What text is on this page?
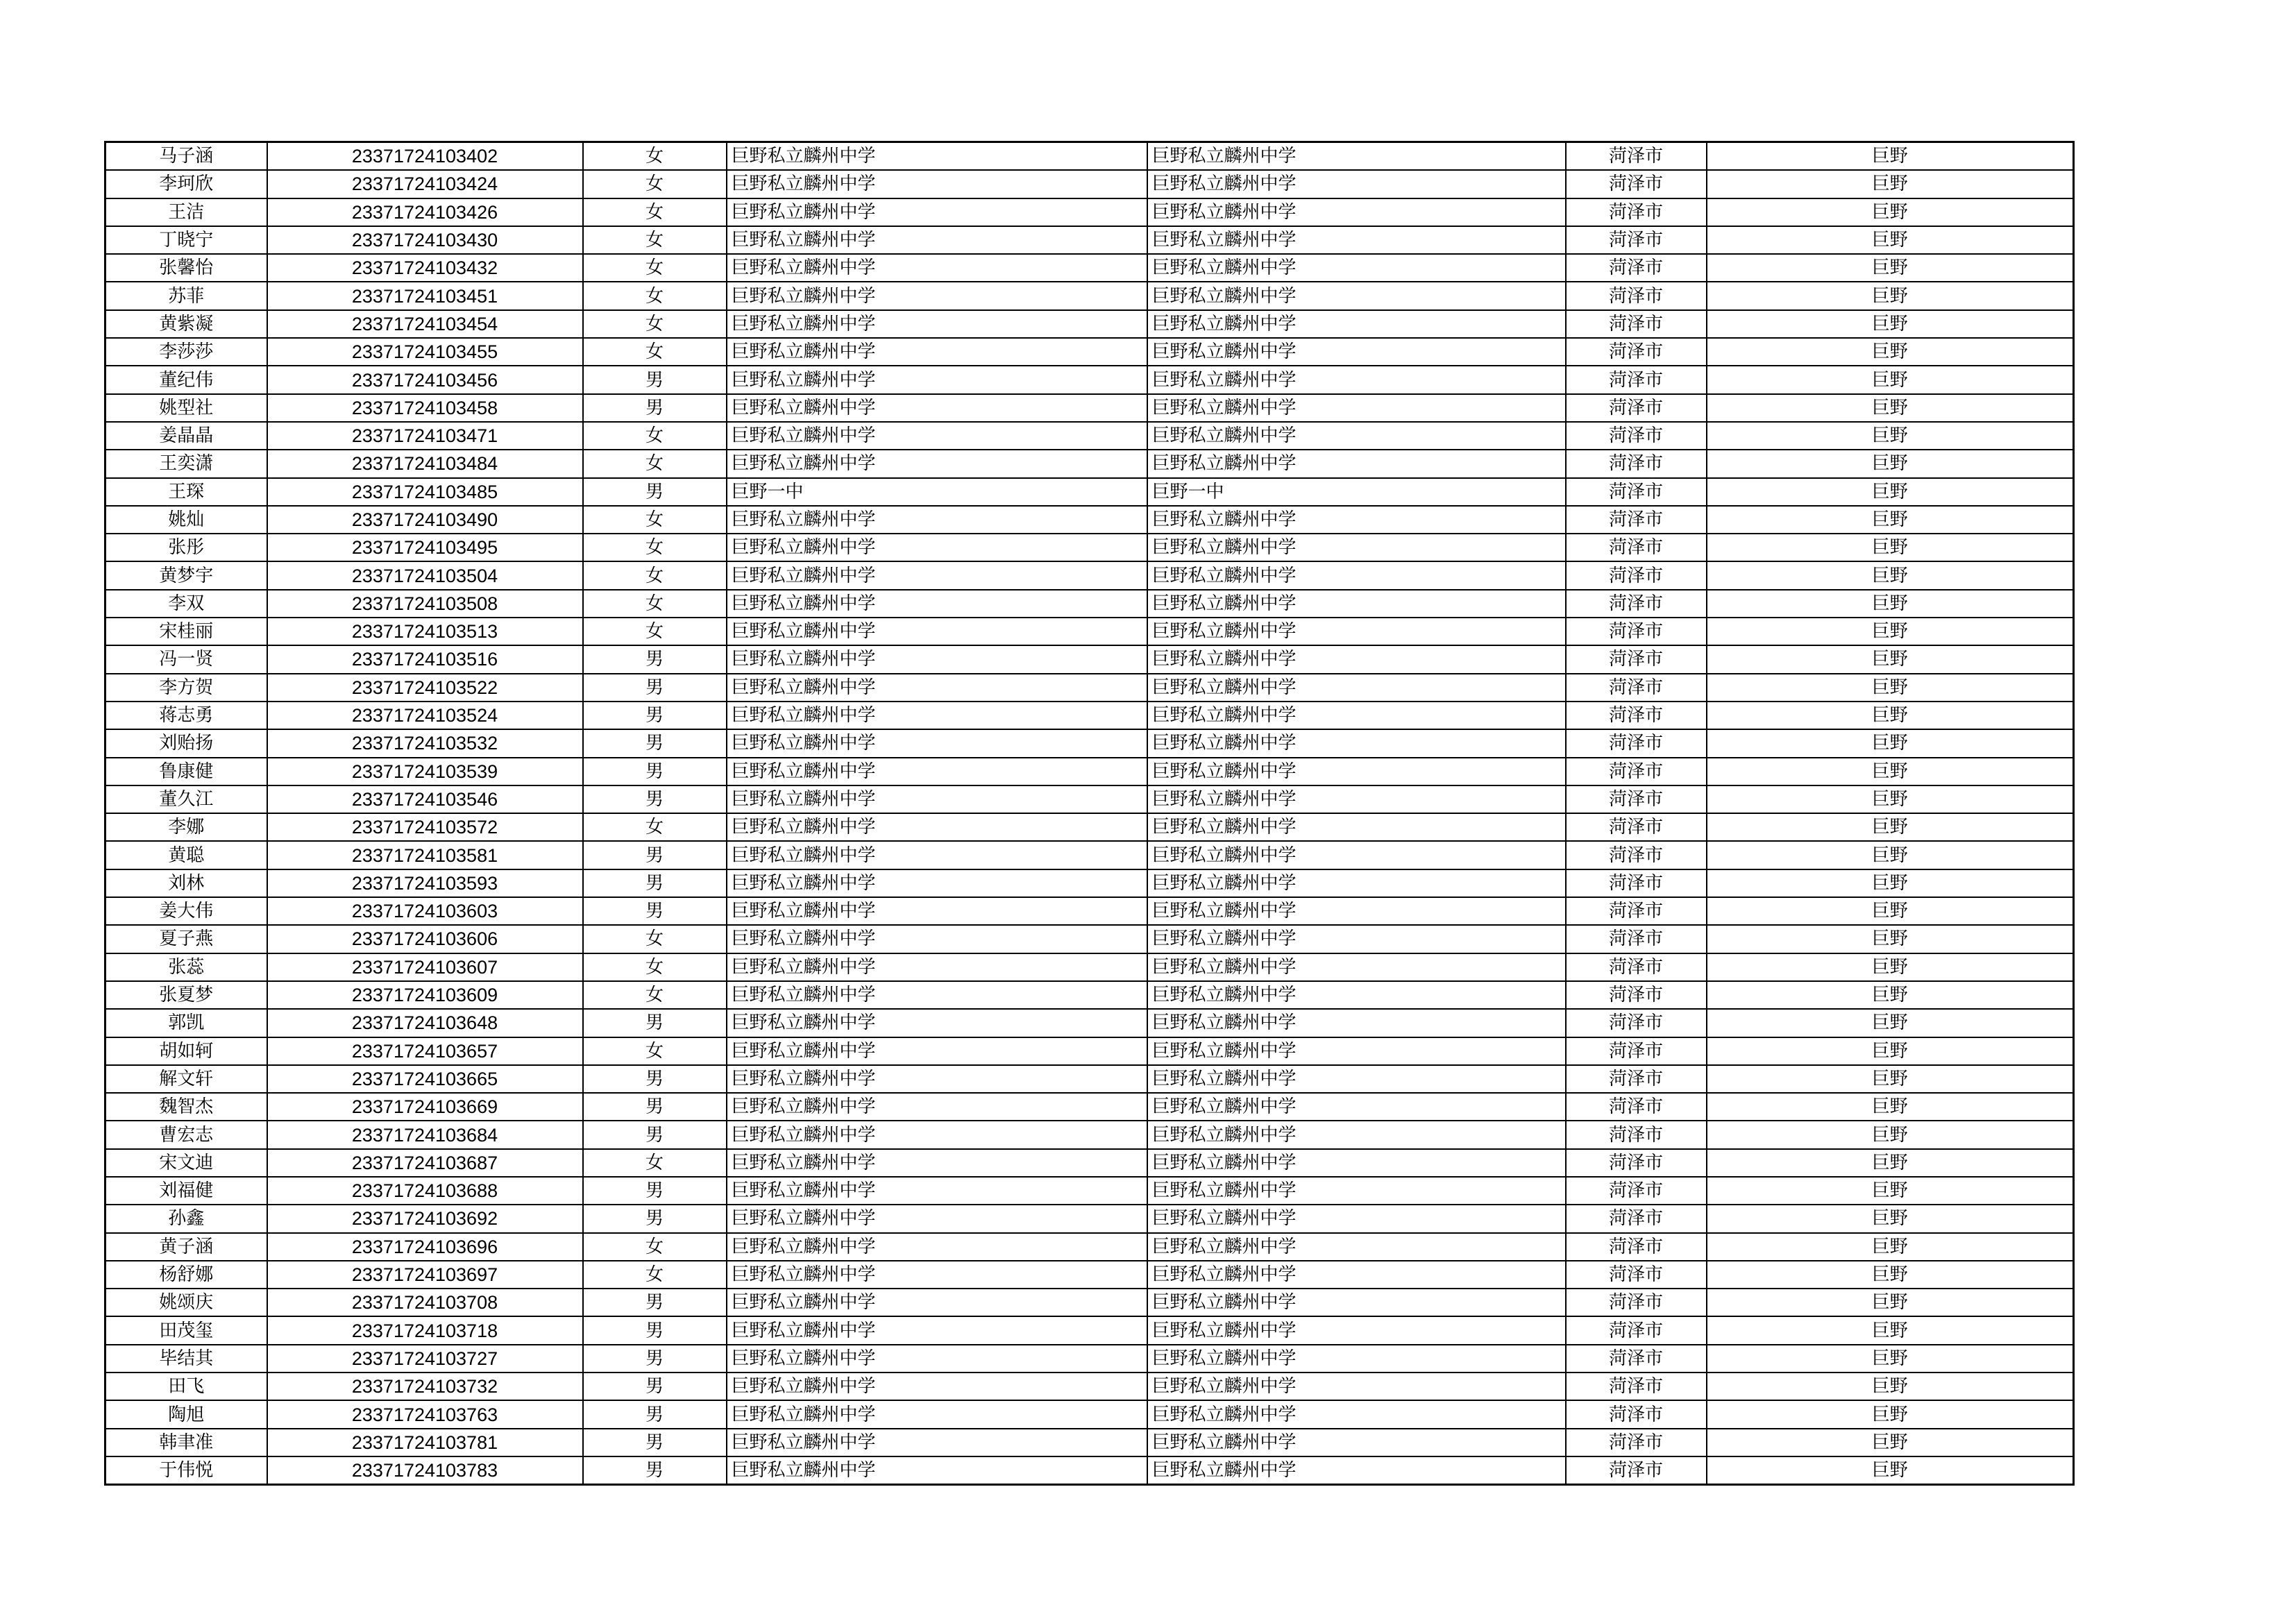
马子涵	23371724103402	女	巨野私立麟州中学	巨野私立麟州中学	菏泽市	巨野
李珂欣	23371724103424	女	巨野私立麟州中学	巨野私立麟州中学	菏泽市	巨野
王洁	23371724103426	女	巨野私立麟州中学	巨野私立麟州中学	菏泽市	巨野
丁晓宁	23371724103430	女	巨野私立麟州中学	巨野私立麟州中学	菏泽市	巨野
张馨怡	23371724103432	女	巨野私立麟州中学	巨野私立麟州中学	菏泽市	巨野
苏菲	23371724103451	女	巨野私立麟州中学	巨野私立麟州中学	菏泽市	巨野
黄紫凝	23371724103454	女	巨野私立麟州中学	巨野私立麟州中学	菏泽市	巨野
李莎莎	23371724103455	女	巨野私立麟州中学	巨野私立麟州中学	菏泽市	巨野
董纪伟	23371724103456	男	巨野私立麟州中学	巨野私立麟州中学	菏泽市	巨野
姚型社	23371724103458	男	巨野私立麟州中学	巨野私立麟州中学	菏泽市	巨野
姜晶晶	23371724103471	女	巨野私立麟州中学	巨野私立麟州中学	菏泽市	巨野
王奕潇	23371724103484	女	巨野私立麟州中学	巨野私立麟州中学	菏泽市	巨野
王琛	23371724103485	男	巨野一中	巨野一中	菏泽市	巨野
姚灿	23371724103490	女	巨野私立麟州中学	巨野私立麟州中学	菏泽市	巨野
张彤	23371724103495	女	巨野私立麟州中学	巨野私立麟州中学	菏泽市	巨野
黄梦宇	23371724103504	女	巨野私立麟州中学	巨野私立麟州中学	菏泽市	巨野
李双	23371724103508	女	巨野私立麟州中学	巨野私立麟州中学	菏泽市	巨野
宋桂丽	23371724103513	女	巨野私立麟州中学	巨野私立麟州中学	菏泽市	巨野
冯一贤	23371724103516	男	巨野私立麟州中学	巨野私立麟州中学	菏泽市	巨野
李方贺	23371724103522	男	巨野私立麟州中学	巨野私立麟州中学	菏泽市	巨野
蒋志勇	23371724103524	男	巨野私立麟州中学	巨野私立麟州中学	菏泽市	巨野
刘贻扬	23371724103532	男	巨野私立麟州中学	巨野私立麟州中学	菏泽市	巨野
鲁康健	23371724103539	男	巨野私立麟州中学	巨野私立麟州中学	菏泽市	巨野
董久江	23371724103546	男	巨野私立麟州中学	巨野私立麟州中学	菏泽市	巨野
李娜	23371724103572	女	巨野私立麟州中学	巨野私立麟州中学	菏泽市	巨野
黄聪	23371724103581	男	巨野私立麟州中学	巨野私立麟州中学	菏泽市	巨野
刘林	23371724103593	男	巨野私立麟州中学	巨野私立麟州中学	菏泽市	巨野
姜大伟	23371724103603	男	巨野私立麟州中学	巨野私立麟州中学	菏泽市	巨野
夏子燕	23371724103606	女	巨野私立麟州中学	巨野私立麟州中学	菏泽市	巨野
张蕊	23371724103607	女	巨野私立麟州中学	巨野私立麟州中学	菏泽市	巨野
张夏梦	23371724103609	女	巨野私立麟州中学	巨野私立麟州中学	菏泽市	巨野
郭凯	23371724103648	男	巨野私立麟州中学	巨野私立麟州中学	菏泽市	巨野
胡如轲	23371724103657	女	巨野私立麟州中学	巨野私立麟州中学	菏泽市	巨野
解文轩	23371724103665	男	巨野私立麟州中学	巨野私立麟州中学	菏泽市	巨野
魏智杰	23371724103669	男	巨野私立麟州中学	巨野私立麟州中学	菏泽市	巨野
曹宏志	23371724103684	男	巨野私立麟州中学	巨野私立麟州中学	菏泽市	巨野
宋文迪	23371724103687	女	巨野私立麟州中学	巨野私立麟州中学	菏泽市	巨野
刘福健	23371724103688	男	巨野私立麟州中学	巨野私立麟州中学	菏泽市	巨野
孙鑫	23371724103692	男	巨野私立麟州中学	巨野私立麟州中学	菏泽市	巨野
黄子涵	23371724103696	女	巨野私立麟州中学	巨野私立麟州中学	菏泽市	巨野
杨舒娜	23371724103697	女	巨野私立麟州中学	巨野私立麟州中学	菏泽市	巨野
姚颂庆	23371724103708	男	巨野私立麟州中学	巨野私立麟州中学	菏泽市	巨野
田茂玺	23371724103718	男	巨野私立麟州中学	巨野私立麟州中学	菏泽市	巨野
毕结其	23371724103727	男	巨野私立麟州中学	巨野私立麟州中学	菏泽市	巨野
田飞	23371724103732	男	巨野私立麟州中学	巨野私立麟州中学	菏泽市	巨野
陶旭	23371724103763	男	巨野私立麟州中学	巨野私立麟州中学	菏泽市	巨野
韩聿准	23371724103781	男	巨野私立麟州中学	巨野私立麟州中学	菏泽市	巨野
于伟悦	23371724103783	男	巨野私立麟州中学	巨野私立麟州中学	菏泽市	巨野
